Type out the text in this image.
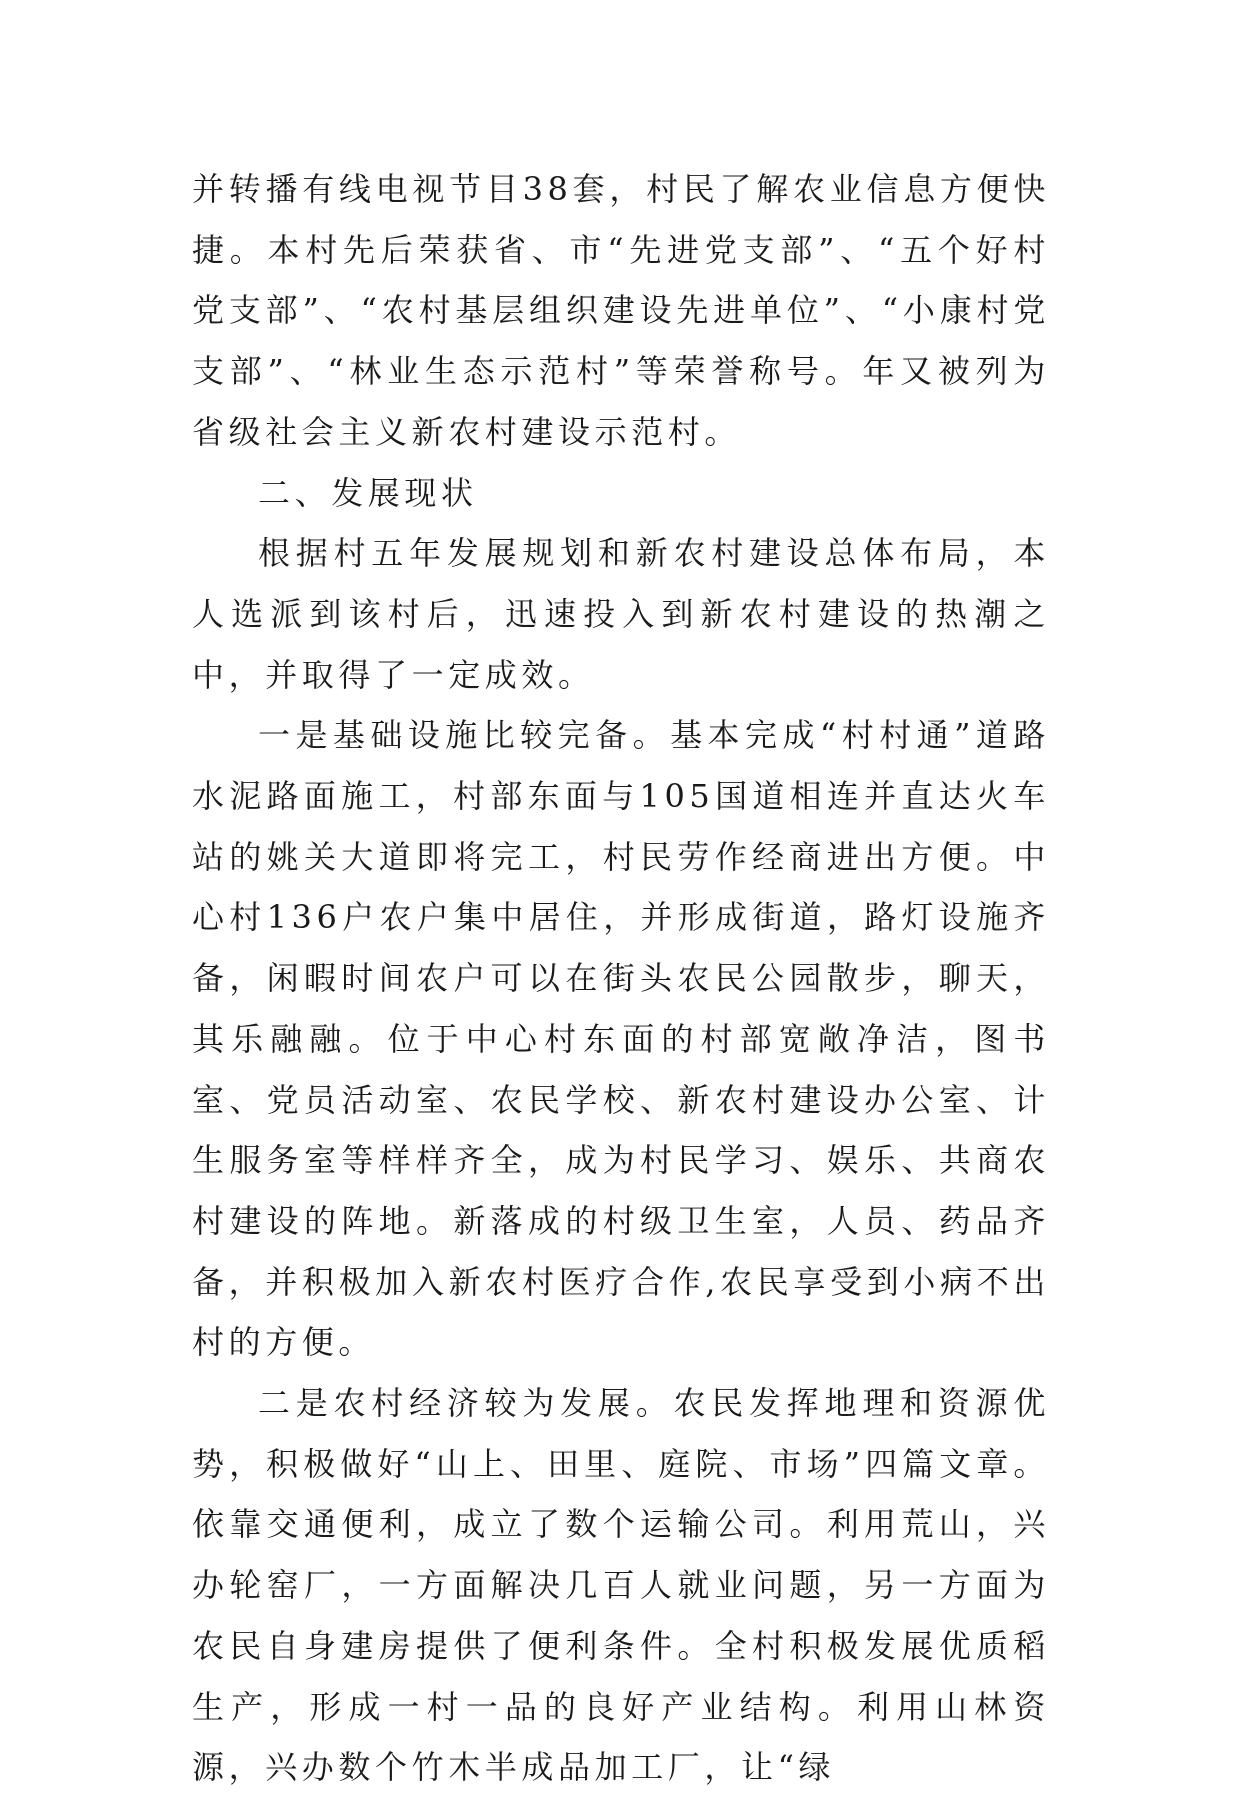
并转播有线电视节目38套，村民了解农业信息方便快捷。本村先后荣获省、市“先进党支部”、“五个好村党支部”、“农村基层组织建设先进单位”、“小康村党支部”、“林业生态示范村”等荣誉称号。年又被列为省级社会主义新农村建设示范村。

二、发展现状

根据村五年发展规划和新农村建设总体布局，本人选派到该村后，迅速投入到新农村建设的热潮之中，并取得了一定成效。

一是基础设施比较完备。基本完成“村村通”道路水泥路面施工，村部东面与105国道相连并直达火车站的姚关大道即将完工，村民劳作经商进出方便。中心村136户农户集中居住，并形成街道，路灯设施齐备，闲暇时间农户可以在街头农民公园散步，聊天，其乐融融。位于中心村东面的村部宽敞净洁，图书室、党员活动室、农民学校、新农村建设办公室、计生服务室等样样齐全，成为村民学习、娱乐、共商农村建设的阵地。新落成的村级卫生室，人员、药品齐备，并积极加入新农村医疗合作,农民享受到小病不出村的方便。

二是农村经济较为发展。农民发挥地理和资源优势，积极做好“山上、田里、庭院、市场”四篇文章。依靠交通便利，成立了数个运输公司。利用荒山，兴办轮窑厂，一方面解决几百人就业问题，另一方面为农民自身建房提供了便利条件。全村积极发展优质稻生产，形成一村一品的良好产业结构。利用山林资源，兴办数个竹木半成品加工厂，让“绿
